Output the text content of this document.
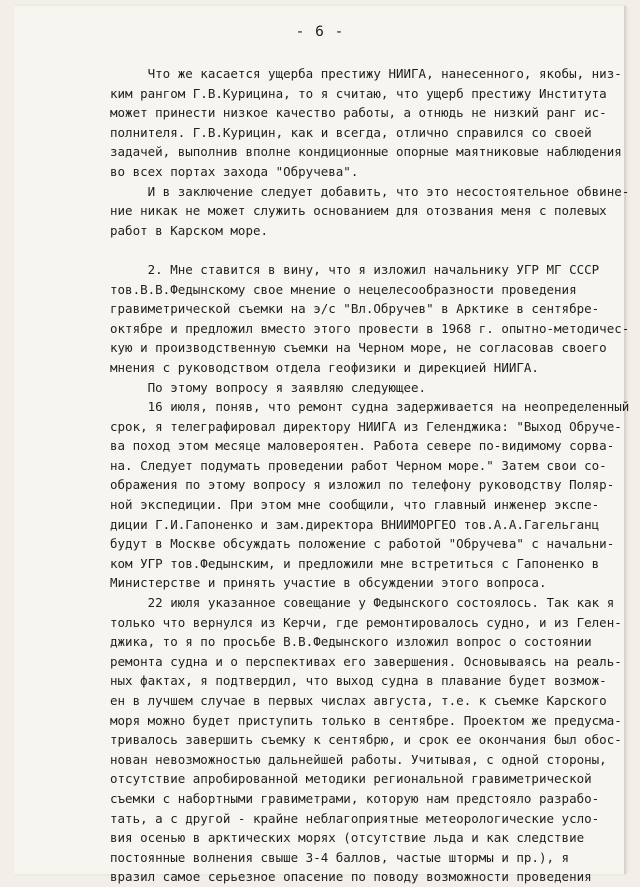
- 6 -
Что же касается ущерба престижу НИИГА, нанесенного, якобы, низ-
ким рангом Г.В.Курицина, то я считаю, что ущерб престижу Института
может принести низкое качество работы, а отнюдь не низкий ранг ис-
полнителя. Г.В.Курицин, как и всегда, отлично справился со своей
задачей, выполнив вполне кондиционные опорные маятниковые наблюдения
во всех портах захода "Обручева".
И в заключение следует добавить, что это несостоятельное обвине-
ние никак не может служить основанием для отозвания меня с полевых
работ в Карском море.
2. Мне ставится в вину, что я изложил начальнику УГР МГ СССР
тов.В.В.Федынскому свое мнение о нецелесообразности проведения
гравиметрической съемки на э/с "Вл.Обручев" в Арктике в сентябре-
октябре и предложил вместо этого провести в 1968 г. опытно-методичес-
кую и производственную съемки на Черном море, не согласовав своего
мнения с руководством отдела геофизики и дирекцией НИИГА.
По этому вопросу я заявляю следующее.
16 июля, поняв, что ремонт судна задерживается на неопределенный
срок, я телеграфировал директору НИИГА из Геленджика: "Выход Обруче-
ва поход этом месяце маловероятен. Работа севере по-видимому сорва-
на. Следует подумать проведении работ Черном море." Затем свои со-
ображения по этому вопросу я изложил по телефону руководству Поляр-
ной экспедиции. При этом мне сообщили, что главный инженер экспе-
диции Г.И.Гапоненко и зам.директора ВНИИМОРГЕО тов.А.А.Гагельганц
будут в Москве обсуждать положение с работой "Обручева" с начальни-
ком УГР тов.Федынским, и предложили мне встретиться с Гапоненко в
Министерстве и принять участие в обсуждении этого вопроса.
22 июля указанное совещание у Федынского состоялось. Так как я
только что вернулся из Керчи, где ремонтировалось судно, и из Гелен-
джика, то я по просьбе В.В.Федынского изложил вопрос о состоянии
ремонта судна и о перспективах его завершения. Основываясь на реаль-
ных фактах, я подтвердил, что выход судна в плавание будет возмож-
ен в лучшем случае в первых числах августа, т.е. к съемке Карского
моря можно будет приступить только в сентябре. Проектом же предусма-
тривалось завершить съемку к сентябрю, и срок ее окончания был обос-
нован невозможностью дальнейшей работы. Учитывая, с одной стороны,
отсутствие апробированной методики региональной гравиметрической
съемки с набортными гравиметрами, которую нам предстояло разрабо-
тать, а с другой - крайне неблагоприятные метеорологические усло-
вия осенью в арктических морях (отсутствие льда и как следствие
постоянные волнения свыше 3-4 баллов, частые штормы и пр.), я
вразил самое серьезное опасение по поводу возможности проведения
